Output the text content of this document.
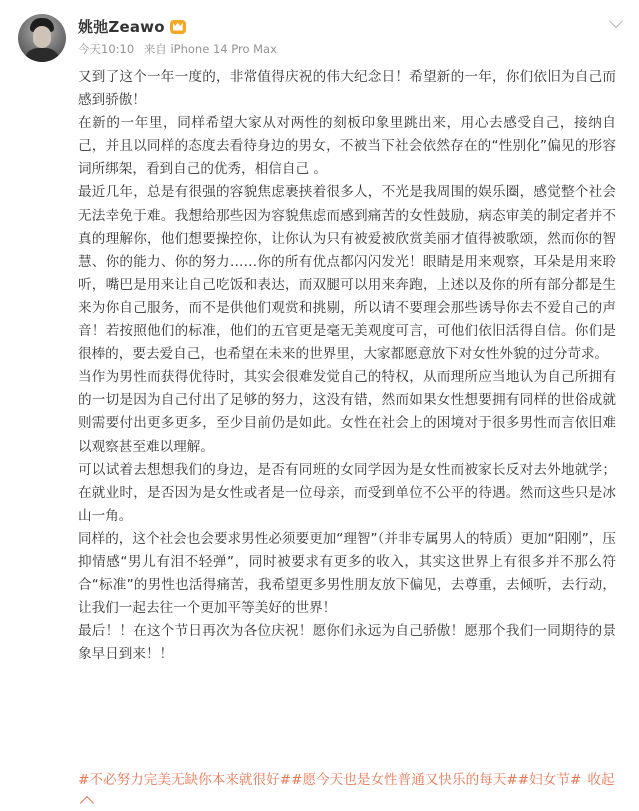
姚弛Zeawo
今天10:10 来自 iPhone 14 Pro Max

又到了这个一年一度的，非常值得庆祝的伟大纪念日！希望新的一年，你们依旧为自己而感到骄傲！

在新的一年里，同样希望大家从对两性的刻板印象里跳出来，用心去感受自己，接纳自己，并且以同样的态度去看待身边的男女，不被当下社会依然存在的“性别化”偏见的形容词所绑架，看到自己的优秀，相信自己 。

最近几年，总是有很强的容貌焦虑裹挟着很多人，不光是我周围的娱乐圈，感觉整个社会无法幸免于难。我想给那些因为容貌焦虑而感到痛苦的女性鼓励，病态审美的制定者并不真的理解你，他们想要操控你，让你认为只有被爱被欣赏美丽才值得被歌颂，然而你的智慧、你的能力、你的努力……你的所有优点都闪闪发光！眼睛是用来观察，耳朵是用来聆听，嘴巴是用来让自己吃饭和表达，而双腿可以用来奔跑，上述以及你的所有部分都是生来为你自己服务，而不是供他们观赏和挑剔，所以请不要理会那些诱导你去不爱自己的声音！若按照他们的标准，他们的五官更是毫无美观度可言，可他们依旧活得自信。你们是很棒的，要去爱自己，也希望在未来的世界里，大家都愿意放下对女性外貌的过分苛求。

当作为男性而获得优待时，其实会很难发觉自己的特权，从而理所应当地认为自己所拥有的一切是因为自己付出了足够的努力，这没有错，然而如果女性想要拥有同样的世俗成就则需要付出更多更多，至少目前仍是如此。女性在社会上的困境对于很多男性而言依旧难以观察甚至难以理解。

可以试着去想想我们的身边，是否有同班的女同学因为是女性而被家长反对去外地就学；在就业时，是否因为是女性或者是一位母亲，而受到单位不公平的待遇。然而这些只是冰山一角。

同样的，这个社会也会要求男性必须要更加“理智”（并非专属男人的特质）更加“阳刚”，压抑情感“男儿有泪不轻弹”，同时被要求有更多的收入，其实这世界上有很多并不那么符合“标准”的男性也活得痛苦，我希望更多男性朋友放下偏见，去尊重，去倾听，去行动，让我们一起去往一个更加平等美好的世界！

最后！！在这个节日再次为各位庆祝！愿你们永远为自己骄傲！愿那个我们一同期待的景象早日到来！！

#不必努力完美无缺你本来就很好##愿今天也是女性普通又快乐的每天##妇女节# 收起
